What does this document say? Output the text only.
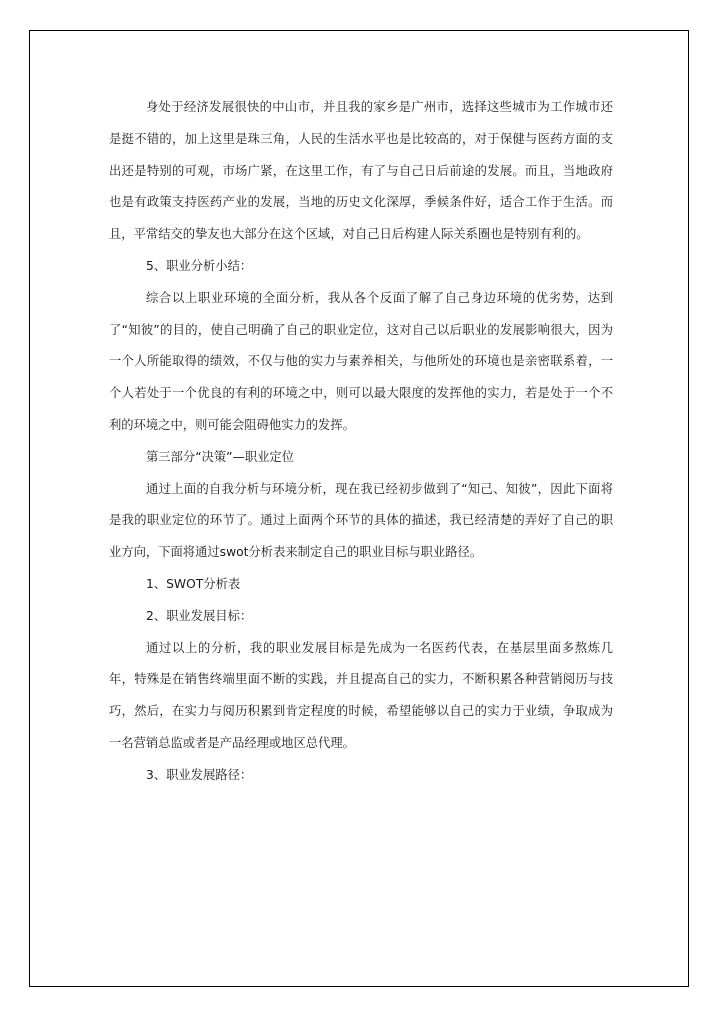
身处于经济发展很快的中山市，并且我的家乡是广州市，选择这些城市为工作城市还是挺不错的，加上这里是珠三角，人民的生活水平也是比较高的，对于保健与医药方面的支出还是特别的可观，市场广紧，在这里工作，有了与自己日后前途的发展。而且，当地政府也是有政策支持医药产业的发展，当地的历史文化深厚，季候条件好，适合工作于生活。而且，平常结交的挚友也大部分在这个区域，对自己日后构建人际关系圈也是特别有利的。

5、职业分析小结：

综合以上职业环境的全面分析，我从各个反面了解了自己身边环境的优劣势，达到了“知彼”的目的，使自己明确了自己的职业定位，这对自己以后职业的发展影响很大，因为一个人所能取得的绩效，不仅与他的实力与素养相关，与他所处的环境也是亲密联系着，一个人若处于一个优良的有利的环境之中，则可以最大限度的发挥他的实力，若是处于一个不利的环境之中，则可能会阻碍他实力的发挥。

第三部分“决策”—职业定位

通过上面的自我分析与环境分析，现在我已经初步做到了“知己、知彼”，因此下面将是我的职业定位的环节了。通过上面两个环节的具体的描述，我已经清楚的弄好了自己的职业方向，下面将通过swot分析表来制定自己的职业目标与职业路径。

1、SWOT分析表

2、职业发展目标：

通过以上的分析，我的职业发展目标是先成为一名医药代表，在基层里面多熬炼几年，特殊是在销售终端里面不断的实践，并且提高自己的实力，不断积累各种营销阅历与技巧，然后，在实力与阅历积累到肯定程度的时候，希望能够以自己的实力于业绩，争取成为一名营销总监或者是产品经理或地区总代理。

3、职业发展路径：
